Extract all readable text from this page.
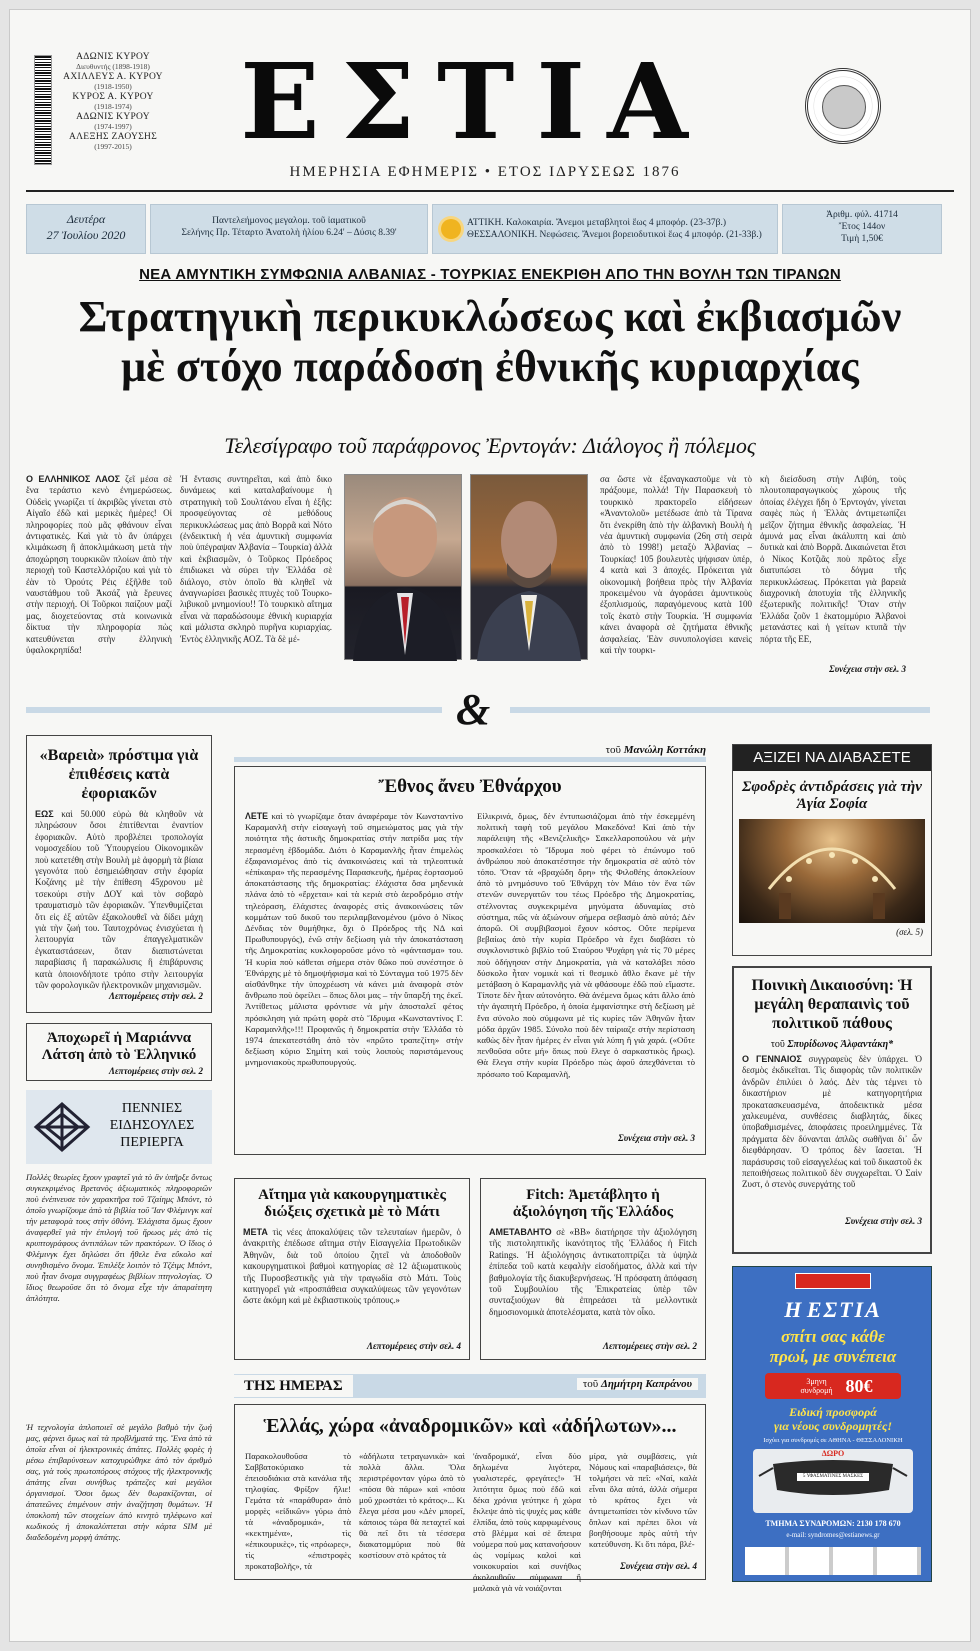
ΑΔΩΝΙΣ ΚΥΡΟΥ
Διευθυντής (1898-1918)
ΑΧΙΛΛΕΥΣ Α. ΚΥΡΟΥ
(1918-1950)
ΚΥΡΟΣ Α. ΚΥΡΟΥ
(1918-1974)
ΑΔΩΝΙΣ ΚΥΡΟΥ
(1974-1997)
ΑΛΕΞΗΣ ΖΑΟΥΣΗΣ
(1997-2015)	ΕΣΤΙΑ
ΗΜΕΡΗΣΙΑ ΕΦΗΜΕΡΙΣ • ΕΤΟΣ ΙΔΡΥΣΕΩΣ 1876
Δευτέρα
27 Ἰουλίου 2020
Παντελεήμονος μεγαλομ. τοῦ ἰαματικοῦ
Σελήνης Πρ. Τέταρτο Ἀνατολὴ ἡλίου 6.24' – Δύσις 8.39'
ΑΤΤΙΚΗ. Καλοκαιρία. Ἄνεμοι μεταβλητοὶ ἕως 4 μποφόρ. (23-37β.)
ΘΕΣΣΑΛΟΝΙΚΗ. Νεφώσεις. Ἄνεμοι βορειοδυτικοὶ ἕως 4 μποφόρ. (21-33β.)
Ἀριθμ. φύλ. 41714
Ἔτος 144ον
Τιμὴ 1,50€
ΝΕΑ ΑΜΥΝΤΙΚΗ ΣΥΜΦΩΝΙΑ ΑΛΒΑΝΙΑΣ - ΤΟΥΡΚΙΑΣ ΕΝΕΚΡΙΘΗ ΑΠΟ ΤΗΝ ΒΟΥΛΗ ΤΩΝ ΤΙΡΑΝΩΝ
Στρατηγικὴ περικυκλώσεως καὶ ἐκβιασμῶν
μὲ στόχο παράδοση ἐθνικῆς κυριαρχίας
Τελεσίγραφο τοῦ παράφρονος Ἐρντογάν: Διάλογος ἢ πόλεμος
Ο ΕΛΛΗΝΙΚΟΣ ΛΑΟΣ ζεῖ μέσα σὲ ἕνα τεράστιο κενὸ ἐνημερώσεως. Οὐδεὶς γνωρίζει τί ἀκριβῶς γίνεται στὸ Αἰγαῖο ἐδῶ καὶ μερικὲς ἡμέρες! Οἱ πληροφορίες ποὺ μᾶς φθάνουν εἶναι ἀντιφατικές. Καὶ γιὰ τὸ ἂν ὑπάρχει κλιμάκωση ἢ ἀποκλιμάκωση μετὰ τὴν ἀποχώρηση τουρκικῶν πλοίων ἀπὸ τὴν περιοχὴ τοῦ Καστελλόριζου καὶ γιὰ τὸ ἐὰν τὸ Ὀρούτς Ρέις ἐξῆλθε τοῦ ναυστάθμου τοῦ Ἀκσάζ γιὰ ἔρευνες στὴν περιοχή. Οἱ Τοῦρκοι παίζουν μαζί μας, διοχετεύοντας στὰ κοινωνικὰ δίκτυα τὴν πληροφορία πὼς κατευθύνεται στὴν ἑλληνικὴ ὑφαλοκρηπίδα!
Ἡ ἔντασις συντηρεῖται, καὶ ἀπὸ δικο δυνάμεως καὶ καταλαβαίνουμε ἡ στρατηγικὴ τοῦ Σουλτάνου εἶναι ἡ ἑξῆς: προσφεύγοντας σὲ μεθόδους περικυκλώσεως μας ἀπὸ Βορρᾶ καὶ Νότο (ἐνδεικτικὴ ἡ νέα ἀμυντικὴ συμφωνία ποὺ ὑπέγραψαν Ἀλβανία – Τουρκία) ἀλλὰ καὶ ἐκβιασμῶν, ὁ Τοῦρκος Πρόεδρος ἐπιδιωκει νὰ σύρει τὴν Ἑλλάδα σὲ διάλογο, στὸν ὁποῖο θὰ κληθεῖ νὰ ἀναγνωρίσει βασικὲς πτυχὲς τοῦ Τουρκο-λιβυκοῦ μνημονίου!! Τὸ τουρκικὸ αἴτημα εἶναι νὰ παραδώσουμε ἐθνικὴ κυριαρχία καὶ μάλιστα σκληρὸ πυρῆνα κυριαρχίας. Ἐντὸς ἑλληνικῆς ΑΟΖ. Τὰ δὲ μέ-
σα ὥστε νὰ ἐξαναγκαστοῦμε νὰ τὸ πράξουμε, πολλά! Τὴν Παρασκευὴ τὸ τουρκικὸ πρακτορεῖο εἰδήσεων «Ἀναντολοῦ» μετέδωσε ἀπὸ τὰ Τίρανα ὅτι ἐνεκρίθη ἀπὸ τὴν ἀλβανικὴ Βουλὴ ἡ νέα ἀμυντικὴ συμφωνία (26η στὴ σειρὰ ἀπὸ τὸ 1998!) μεταξὺ Ἀλβανίας – Τουρκίας! 105 βουλευτὲς ψήφισαν ὑπέρ, 4 κατὰ καὶ 3 ἀποχές. Πρόκειται γιὰ οἰκονομικὴ βοήθεια πρὸς τὴν Ἀλβανία προκειμένου νὰ ἀγοράσει ἀμυντικοὺς ἐξοπλισμούς, παραγόμενους κατὰ 100 τοῖς ἑκατὸ στὴν Τουρκία. Ἡ συμφωνία κάνει ἀναφορὰ σὲ ζητήματα ἐθνικῆς ἀσφαλείας. Ἐὰν συνυπολογίσει κανεὶς καὶ τὴν τουρκι-
κὴ διείσδυση στὴν Λιβύη, τοὺς πλουτοπαραγωγικοὺς χώρους τῆς ὁποίας ἐλέγχει ἤδη ὁ Ἐρντογάν, γίνεται σαφὲς πὼς ἡ Ἑλλὰς ἀντιμετωπίζει μεῖζον ζήτημα ἐθνικῆς ἀσφαλείας. Ἡ ἀμυνά μας εἶναι ἀκάλυπτη καὶ ἀπὸ δυτικὰ καὶ ἀπὸ Βορρᾶ. Δικαιώνεται ἔτσι ὁ Νίκος Κοτζιᾶς ποὺ πρῶτος εἶχε διατυπώσει τὸ δόγμα τῆς περικυκλώσεως. Πρόκειται γιὰ βαρειὰ διαχρονικὴ ἀποτυχία τῆς ἑλληνικῆς ἐξωτερικῆς πολιτικῆς! Ὅταν στὴν Ἑλλάδα ζοῦν 1 ἑκατομμύριο Ἀλβανοὶ μετανάστες καὶ ἡ γείτων κτυπᾶ τὴν πόρτα τῆς ΕΕ,
Συνέχεια στὴν σελ. 3
&
«Βαρειὰ» πρόστιμα γιὰ ἐπιθέσεις κατὰ ἐφοριακῶν
ΕΩΣ καὶ 50.000 εὐρὼ θὰ κληθοῦν νὰ πληρώσουν ὅσοι ἐπιτίθενται ἐναντίον ἐφοριακῶν. Αὐτὸ προβλέπει τροπολογία νομοσχεδίου τοῦ Ὑπουργείου Οἰκονομικῶν ποὺ κατετέθη στὴν Βουλὴ μὲ ἀφορμὴ τὰ βίαια γεγονότα ποὺ ἐσημειώθησαν στὴν ἐφορία Κοζάνης μὲ τὴν ἐπίθεση 45χρονου μὲ τσεκούρι στὴν ΔΟΥ καὶ τὸν σοβαρὸ τραυματισμὸ τῶν ἐφοριακῶν. Ὑπενθυμίζεται ὅτι εἰς ἐξ αὐτῶν ἐξακολουθεῖ νὰ δίδει μάχη γιὰ τὴν ζωή του. Ταυτοχρόνως ἐνισχύεται ἡ λειτουργία τῶν ἐπαγγελματικῶν ἐγκαταστάσεων, ὅταν διαπιστώνεται παραβίασις ἢ παρακώλυσις ἢ ἐπιβάρυνσις κατὰ ὁποιονδήποτε τρόπο στὴν λειτουργία τῶν φορολογικῶν ἠλεκτρονικῶν μηχανισμῶν.
Λεπτομέρειες στὴν σελ. 2
Ἀποχωρεῖ ἡ Μαριάννα Λάτση ἀπὸ τὸ Ἑλληνικό
Λεπτομέρειες στὴν σελ. 2
ΠΕΝΝΙΕΣ ΕΙΔΗΣΟΥΛΕΣ ΠΕΡΙΕΡΓΑ
Πολλὲς θεωρίες ἔχουν γραφτεῖ γιὰ τὸ ἂν ὑπῆρξε ὅντως συγκεκριμένος Βρετανὸς ἀξιωματικὸς πληροφοριῶν ποὺ ἐνέπνευσε τὸν χαρακτῆρα τοῦ Τζαίημς Μπόντ, τὸ ὁποῖο γνωρίζουμε ἀπὸ τὰ βιβλία τοῦ Ἴαν Φλέμινγκ καὶ τὴν μεταφορὰ τους στὴν ὀθόνη. Ἐλάχιστα ὅμως ἔχουν ἀναφερθεῖ γιὰ τὴν ἐπιλογὴ τοῦ ἥρωος μὲς ἀπὸ τὶς κρυπτογράφους ἀντιπάλων τῶν πρακτόρων. Ὁ ἴδιος ὁ Φλέμινγκ ἔχει δηλώσει ὅτι ἤθελε ἕνα εὔκολο καὶ συνηθισμένο ὄνομα. Ἐπιλέξε λοιπὸν τὸ Τζέιμς Μπόντ, ποὺ ἦταν ὄνομα συγγραφέως βιβλίων πτηνολογίας. Ὁ ἴδιος θεωροῦσε ὅτι τὸ ὄνομα εἶχε τὴν ἀπαραίτητη ἁπλότητα.
Ἡ τεχνολογία ἀπλοποιεῖ σὲ μεγάλο βαθμὸ τὴν ζωή μας, φέρνει ὅμως καὶ τὰ προβλήματά της. Ἕνα ἀπὸ τὰ ὁποῖα εἶναι οἱ ἠλεκτρονικὲς ἀπάτες. Πολλὲς φορὲς ἡ μέσω ἐπιβαρύνσεων κατοχυρώθηκε ἀπὸ τὸν ἀριθμὸ σας, γιὰ τοὺς πρωτοπόρους στόχους τῆς ἠλεκτρονικῆς ἀπάτης εἶναι συνήθως τράπεζες καὶ μεγάλοι ὀργανισμοί. Ὅσοι ὅμως δὲν θωρακίζονται, οἱ ἀπατεῶνες ἐπιμένουν στὴν ἀναζήτηση θυμάτων. Ἡ ὑποκλοπὴ τῶν στοιχείων ἀπὸ κινητὸ τηλέφωνο καὶ κωδικούς ἡ ἀποκαλύπτεται στὴν κάρτα SIM μὲ διαδεδομένη μορφὴ ἀπάτης.
τοῦ Μανώλη Κοττάκη
Ἔθνος ἄνευ Ἐθνάρχου
ΛΕΤΕ καὶ τὸ γνωρίζαμε ὅταν ἀναφέραμε τὸν Κωνσταντίνο Καραμανλῆ στὴν εἰσαγωγὴ τοῦ σημειώματος μας γιὰ τὴν ποιότητα τῆς ἀστικῆς δημοκρατίας στὴν πατρίδα μας τὴν περασμένη ἑβδομάδα. Διότι ὁ Καραμανλῆς ἦταν ἐπιμελὼς ἐξαφανισμένος ἀπὸ τὶς ἀνακοινώσεις καὶ τὰ τηλεοπτικὰ «ἐπίκαιρα» τῆς περασμένης Παρασκευῆς, ἡμέρας ἑορτασμοῦ ἀποκατάστασης τῆς δημοκρατίας: ἐλάχιστα ὅσα μηδενικὰ πλάνα ἀπὸ τὸ «ἔρχεται» καὶ τὰ κεριὰ στὸ ἀεροδρόμιο στὴν τηλεόραση, ἐλάχιστες ἀναφορὲς στὶς ἀνακοινώσεις τῶν κομμάτων τοῦ δικοῦ του περιλαμβανομένου (μόνο ὁ Νίκος Δένδιας τὸν θυμήθηκε, ὄχι ὁ Πρόεδρος τῆς ΝΔ καὶ Πρωθυπουργός), ἐνῶ στὴν δεξίωση γιὰ τὴν ἀποκατάσταση τῆς Δημοκρατίας κυκλοφοροῦσε μόνο τὸ «φάντασμα» του. Ἡ κυρία ποὺ κάθεται σήμερα στὸν θῶκο ποὺ συνέστησε ὁ Ἐθνάρχης μὲ τὸ δημοψήφισμα καὶ τὸ Σύνταγμα τοῦ 1975 δὲν αἰσθάνθηκε τὴν ὑποχρέωση νὰ κάνει μιὰ ἀναφορὰ στὸν ἄνθρωπο ποὺ ὀφείλει – ὅπως ὅλοι μας – τὴν ὕπαρξή της ἐκεῖ. Ἀντίθετως μάλιστα φρόντισε νὰ μὴν ἀποσταλεῖ φέτος πρόσκληση γιὰ πρώτη φορὰ στὸ Ἵδρυμα «Κωνσταντίνος Γ. Καραμανλῆς»!!! Προφανῶς ἡ δημοκρατία στὴν Ἑλλάδα τὸ 1974 ἀπεκατεστάθη ἀπὸ τὸν «πρῶτο τραπεζίτη» στὴν δεξίωση κύριο Σημίτη καὶ τοὺς λοιποὺς παριστάμενους μνημονιακοὺς πρωθυπουργούς.
Εἰλικρινά, ὅμως, δὲν ἐντυπωσιάζομαι ἀπὸ τὴν ἐσκεμμένη πολιτικὴ ταφὴ τοῦ μεγάλου Μακεδόνα! Καὶ ἀπὸ τὴν παράλειψη τῆς «Βενιζελικῆς» Σακελλαροπούλου νὰ μὴν προσκαλέσει τὸ Ἵδρυμα ποὺ φέρει τὸ ἐπώνυμο τοῦ ἀνθρώπου ποὺ ἀποκατέστησε τὴν δημοκρατία σὲ αὐτὸ τὸν τόπο. Ὅταν τὰ «βραχώδη ὄρη» τῆς Φιλοθέης ἀποκλείουν ἀπὸ τὸ μνημόσυνο τοῦ Ἐθνάρχη τὸν Μάιο τὸν ἕνα τῶν στενῶν συνεργατῶν του τέως Πρόεδρο τῆς Δημοκρατίας, στέλνοντας συγκεκριμένα μηνύματα ἀδυναμίας στὸ σύστημα, πῶς νὰ ἀξιώνουν σήμερα σεβασμὸ ἀπὸ αὐτό; Δὲν ἀπορῶ. Οἱ συμβιβασμοὶ ἔχουν κόστος. Οὔτε περίμενα βεβαίως ἀπὸ τὴν κυρία Πρόεδρο νὰ ἔχει διαβάσει τὸ συγκλονιστικὸ βιβλίο τοῦ Σταύρου Ψυχάρη γιὰ τὶς 70 μέρες ποὺ ὁδήγησαν στὴν Δημοκρατία, γιὰ νὰ καταλάβει πόσο δύσκολο ἦταν νομικὰ καὶ τί θεσμικὸ ἄθλο ἔκανε μὲ τὴν μετάβαση ὁ Καραμανλῆς γιὰ νὰ φθάσουμε ἐδῶ ποὺ εἴμαστε. Τίποτε δὲν ἦταν αὐτονόητο. Θὰ ἀνέμενα ὅμως κάτι ἄλλο ἀπὸ τὴν ἀγαπητὴ Πρόεδρο, ἡ ὁποία ἐμφανίστηκε στὴ δεξίωση μὲ ἕνα σύνολο ποὺ σύμφωνα μὲ τὶς κυρίες τῶν Ἀθηνῶν ἦταν μόδα ἀρχῶν 1985. Σύνολο ποὺ δὲν ταίριαζε στὴν περίσταση καθὼς δὲν ἦταν ἡμέρες ἐν εἶναι γιὰ λύπη ἢ γιὰ χαρά. («Οὔτε πενθοῦσα οὔτε μή» ὅπως ποὺ ἔλεγε ὁ σαρκαστικὸς ἥρως). Θὰ ἔλεγα στὴν κυρία Πρόεδρο πὼς ἁφοῦ ἀπεχθάνεται τὸ πρόσωπο τοῦ Καραμανλῆ,
Συνέχεια στὴν σελ. 3
Αἴτημα γιὰ κακουργηματικὲς διώξεις σχετικὰ μὲ τὸ Μάτι
ΜΕΤΑ τὶς νέες ἀποκαλύψεις τῶν τελευταίων ἡμερῶν, ὁ ἀνακριτὴς ἐπέδωσε αἴτημα στὴν Εἰσαγγελία Πρωτοδικῶν Ἀθηνῶν, διὰ τοῦ ὁποίου ζητεῖ νὰ ἀποδοθοῦν κακουργηματικοὶ βαθμοὶ κατηγορίας σὲ 12 ἀξιωματικοὺς τῆς Πυροσβεστικῆς γιὰ τὴν τραγωδία στὸ Μάτι. Τοὺς κατηγορεῖ γιὰ «προσπάθεια συγκαλύψεως τῶν γεγονότων ὥστε ἀκόμη καὶ μὲ ἐκβιαστικοὺς τρόπους.»
Λεπτομέρειες στὴν σελ. 4
Fitch: Ἀμετάβλητο ἡ ἀξιολόγηση τῆς Ἑλλάδος
ΑΜΕΤΑΒΛΗΤΟ σὲ «BB» διατήρησε τὴν ἀξιολόγηση τῆς πιστοληπτικῆς ἱκανότητος τῆς Ἑλλάδος ἡ Fitch Ratings. Ἡ ἀξιολόγησις ἀντικατοπτρίζει τὰ ὑψηλὰ ἐπίπεδα τοῦ κατὰ κεφαλὴν εἰσοδήματος, ἀλλὰ καὶ τὴν βαθμολογία τῆς διακυβερνήσεως. Ἡ πρόσφατη ἀπόφαση τοῦ Συμβουλίου τῆς Ἐπικρατείας ὑπὲρ τῶν συνταξιούχων θὰ ἐπηρεάσει τὰ μελλοντικὰ δημοσιονομικὰ ἀποτελέσματα, κατὰ τὸν οἶκο.
Λεπτομέρειες στὴν σελ. 2
ΤΗΣ ΗΜΕΡΑΣ	τοῦ Δημήτρη Καπράνου
Ἑλλάς, χώρα «ἀναδρομικῶν» καὶ «ἀδήλωτων»...
Παρακολουθοῦσα τὸ Σαββατοκύριακο τὰ ἐπεισοδιάκια στὰ κανάλια τῆς τηλοψίας. Φρίξον ἥλιε! Γεμάτα τὰ «παράθυρα» ἀπὸ μορφὲς «εἰδικῶν» γύρω ἀπὸ τὰ «ἀναδρομικά», τὰ «κεκτημένα», τὶς «ἐπικουρικὲς», τὶς «πρόωρες», τὶς «ἐπιστροφὲς προκαταβολῆς», τὰ
«ἀδήλωτα τετραγωνικὰ» καὶ πολλὰ ἄλλα. Ὅλα περιστρέφονταν γύρω ἀπὸ τὸ «πόσα θὰ πάρω» καὶ «πόσα μοῦ χρωστάει τὸ κράτος»... Κι ἔλεγα μέσα μου «Δὲν μπορεῖ, κάποιος τώρα θὰ πεταχτεῖ καὶ θὰ πεῖ ὅτι τὰ τέσσερα διακατομμύρια ποὺ θὰ κοστίσουν στὸ κράτος τὰ
'ἀναδρομικά', εἶναι δύο δηλωμένα λιγότερα, γυαλιστερές, φρεγάτες!» Ἡ λιτότητα ὅμως ποὺ ἐδῶ καὶ δέκα χρόνια γεύτηκε ἡ χώρα ἔκλεψε ἀπὸ τὶς ψυχές μας κάθε ἐλπίδα, ἀπὸ τοὺς καρφωμένους στὸ βλέμμα καὶ σὲ ἄπειρα νούμερα ποὺ μας κατανοήσουν ὡς νομίμως καλοὶ καὶ νοικοκυραίοι καὶ συνήθως ἀκολουθοῦν σύμφωνα ἢ μαλακὰ γιὰ νὰ νοιάζονται
μίρα, γιὰ συμβάσεις, γιὰ Νόμους καὶ «παραβιάσεις», θὰ τολμήσει νὰ πεῖ: «Ναί, καλὰ εἶναι ὅλα αὐτά, ἀλλὰ σήμερα τὸ κράτος ἔχει νὰ ἀντιμετωπίσει τὸν κίνδυνο τῶν ὅπλων καὶ πρέπει ὅλοι νὰ βοηθήσουμε πρὸς αὐτὴ τὴν κατεύθυνση. Κι ὅτι πάρα, βλέ-
Συνέχεια στὴν σελ. 4
ΑΞΙΖΕΙ ΝΑ ΔΙΑΒΑΣΕΤΕ
Σφοδρὲς ἀντιδράσεις γιὰ τὴν Ἁγία Σοφία
(σελ. 5)
Ποινικὴ Δικαιοσύνη: Ἡ μεγάλη θεραπαινὶς τοῦ πολιτικοῦ πάθους
τοῦ Σπυρίδωνος Ἀλφαντάκη*
Ο ΓΕΝΝΑΙΟΣ συγγραφεὺς δὲν ὑπάρχει. Ὁ δεσμὸς ἐκδικεῖται. Τὶς διαφορὰς τῶν πολιτικῶν ἀνδρῶν ἐπιλύει ὁ λαός. Δὲν τὰς τέμνει τὸ δικαστήριον μὲ κατηγορητήρια προκατασκευασμένα, ἀποδεικτικὰ μέσα χαλκευμένα, συνθέσεις διαβλητάς, δίκες ὑποβαθμισμένες, ἀποφάσεις προειλημμένες. Τὰ πράγματα δὲν δύνανται ἀπλῶς σωθῆναι δι᾽ ὧν διεφθάρησαν. Ὁ τρόπος δὲν ἴασεται. Ἡ παράσυρσις τοῦ εἰσαγγελέως καὶ τοῦ δικαστοῦ ἐκ πεποιθήσεως πολιτικοῦ δὲν συγχωρεῖται. Ὁ Σαὶν Ζυστ, ὁ στενὸς συνεργάτης τοῦ
Συνέχεια στὴν σελ. 3
Η ΕΣΤΙΑ
σπίτι σας κάθε
πρωί, με συνέπεια
3μηνη συνδρομή 80€
Ειδική προσφορά
για νέους συνδρομητές!
Ισχύει για συνδρομές σε ΑΘΗΝΑ - ΘΕΣΣΑΛΟΝΙΚΗ
ΔΩΡΟ
5 ΥΦΑΣΜΑΤΙΝΕΣ ΜΑΣΚΕΣ
ΤΜΗΜΑ ΣΥΝΔΡΟΜΩΝ: 2130 178 670
e-mail: syndromes@estianews.gr
